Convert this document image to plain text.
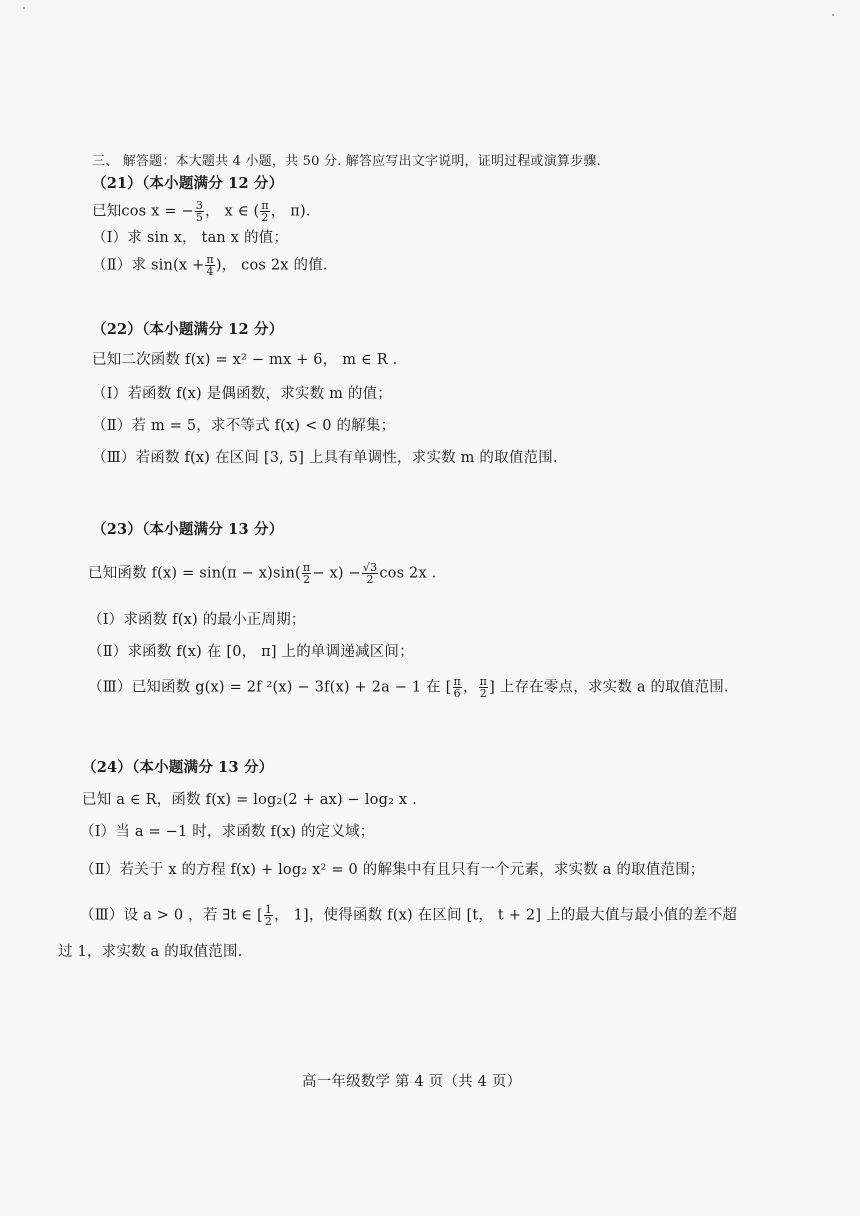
三、 解答题：本大题共 4 小题，共 50 分. 解答应写出文字说明，证明过程或演算步骤.
（21）（本小题满分 12 分）
已知cos x = − $\frac{3}{5}$ ， x ∈ ( $\frac{\pi}{2}$ ， π).
（Ⅰ）求 sin x， tan x 的值；
（Ⅱ）求 $\sin(x + \frac{\pi}{4}$ )， cos 2x 的值.
（22）（本小题满分 12 分）
已知二次函数 f(x) = x² − mx + 6， m ∈ R .
（Ⅰ）若函数 f(x) 是偶函数，求实数 m 的值；
（Ⅱ）若 m = 5，求不等式 f(x) < 0 的解集；
（Ⅲ）若函数 f(x) 在区间 [3, 5] 上具有单调性，求实数 m 的取值范围.
（23）（本小题满分 13 分）
已知函数 $f(x) = \sin(\pi - x)\sin( \frac{\pi}{2} - x) - \frac{√3}{2}$ cos 2x .
（Ⅰ）求函数 f(x) 的最小正周期；
（Ⅱ）求函数 f(x) 在 [0， π] 上的单调递减区间；
（Ⅲ）已知函数 g(x) = 2f ²(x) − 3f(x) + 2a − 1 在 [ $\frac{\pi}{6}$ ， $\frac{\pi}{2}$ ] 上存在零点，求实数 a 的取值范围.
（24）（本小题满分 13 分）
已知 a ∈ R，函数 f(x) = log₂(2 + ax) − log₂ x .
（Ⅰ）当 a = −1 时，求函数 f(x) 的定义域；
（Ⅱ）若关于 x 的方程 f(x) + log₂ x² = 0 的解集中有且只有一个元素，求实数 a 的取值范围；
（Ⅲ）设 a > 0 ，若 ∃t ∈ [ $\frac{1}{2}$ ， 1]，使得函数 f(x) 在区间 [t， t + 2] 上的最大值与最小值的差不超
过 1，求实数 a 的取值范围.
高一年级数学 第 4 页（共 4 页）
